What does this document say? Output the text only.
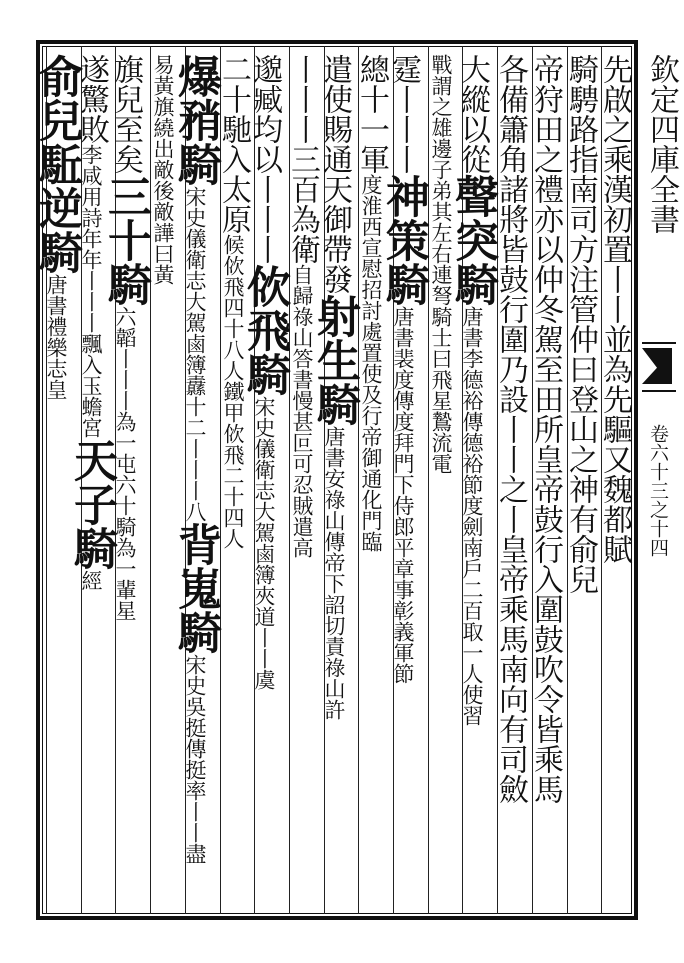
欽定四庫全書
卷六十三之十四
先啟之乘漢初置丨丨並為先驅又魏都賦
騎騁路指南司方注管仲曰登山之神有俞兒
帝狩田之禮亦以仲冬駕至田所皇帝鼓行入圍鼓吹令皆乘馬
各備簫角諸將皆鼓行圍乃設丨丨之丨皇帝乘馬南向有司斂
大縱以從聲突騎唐書李德裕傳德裕節度劍南戶二百取一人使習
戰謂之雄邊子弟其左右連弩騎士曰飛星鷙流電
霆丨丨丨神策騎唐書裴度傳度拜門下侍郎平章事彰義軍節
總十一軍度淮西宣慰招討處置使及行帝御通化門臨
遣使賜通天御帶發射生騎唐書安祿山傳帝下詔切責祿山許
丨丨丨三百為衛自歸祿山答書慢甚叵可忍賊遣高
邈臧均以丨丨丨佽飛騎宋史儀衛志大駕鹵簿夾道丨丨虞
二十馳入太原候佽飛四十八人鐵甲佽飛二十四人
爆矟騎宋史儀衛志大駕鹵簿纛十二丨丨丨八背嵬騎宋史吳挺傳挺率丨丨盡
易黃旗繞出敵後敵譁曰黃
旗兒至矣三十騎六韜丨丨丨為一屯六十騎為一輩星
遂驚敗李咸用詩年年丨丨丨飄入玉蟾宮天子騎經
俞兒駈逆騎唐書禮樂志皇
